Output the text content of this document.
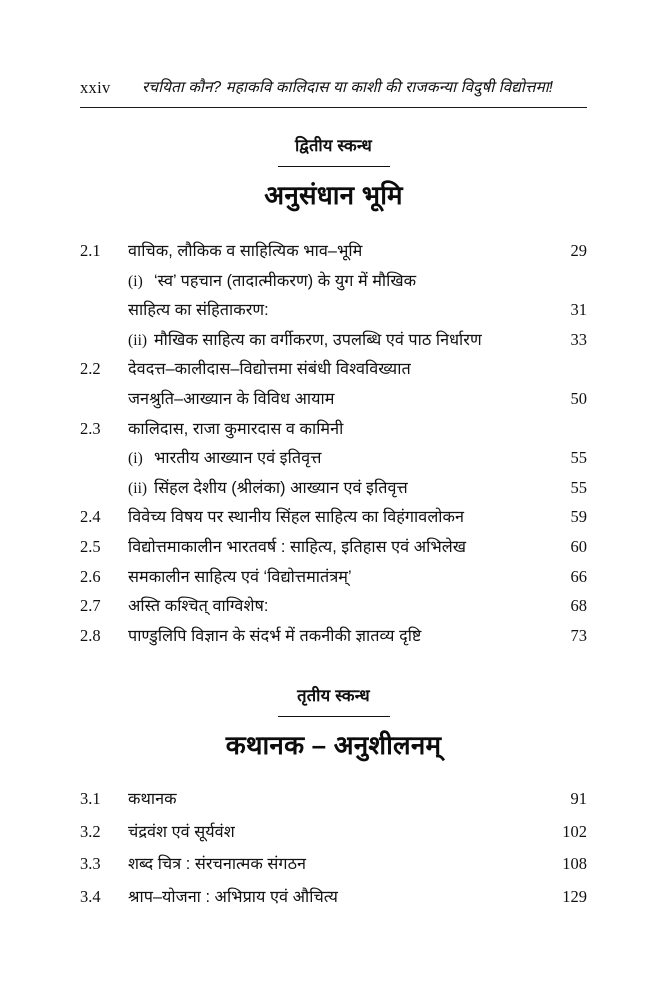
xxiv	रचयिता कौन? महाकवि कालिदास या काशी की राजकन्या विदुषी विद्योत्तमा!
द्वितीय स्कन्ध
अनुसंधान भूमि
2.1	वाचिक, लौकिक व साहित्यिक भाव–भूमि	29
(i) ‘स्व’ पहचान (तादात्मीकरण) के युग में मौखिक
साहित्य का संहिताकरण:	31
(ii) मौखिक साहित्य का वर्गीकरण, उपलब्धि एवं पाठ निर्धारण	33
2.2	देवदत्त–कालीदास–विद्योत्तमा संबंधी विश्वविख्यात
जनश्रुति–आख्यान के विविध आयाम	50
2.3	कालिदास, राजा कुमारदास व कामिनी
(i) भारतीय आख्यान एवं इतिवृत्त	55
(ii) सिंहल देशीय (श्रीलंका) आख्यान एवं इतिवृत्त	55
2.4	विवेच्य विषय पर स्थानीय सिंहल साहित्य का विहंगावलोकन	59
2.5	विद्योत्तमाकालीन भारतवर्ष : साहित्य, इतिहास एवं अभिलेख	60
2.6	समकालीन साहित्य एवं ‘विद्योत्तमातंत्रम्’	66
2.7	अस्ति कश्चित् वाग्विशेष:	68
2.8	पाण्डुलिपि विज्ञान के संदर्भ में तकनीकी ज्ञातव्य दृष्टि	73
तृतीय स्कन्ध
कथानक – अनुशीलनम्
3.1	कथानक	91
3.2	चंद्रवंश एवं सूर्यवंश	102
3.3	शब्द चित्र : संरचनात्मक संगठन	108
3.4	श्राप–योजना : अभिप्राय एवं औचित्य	129
